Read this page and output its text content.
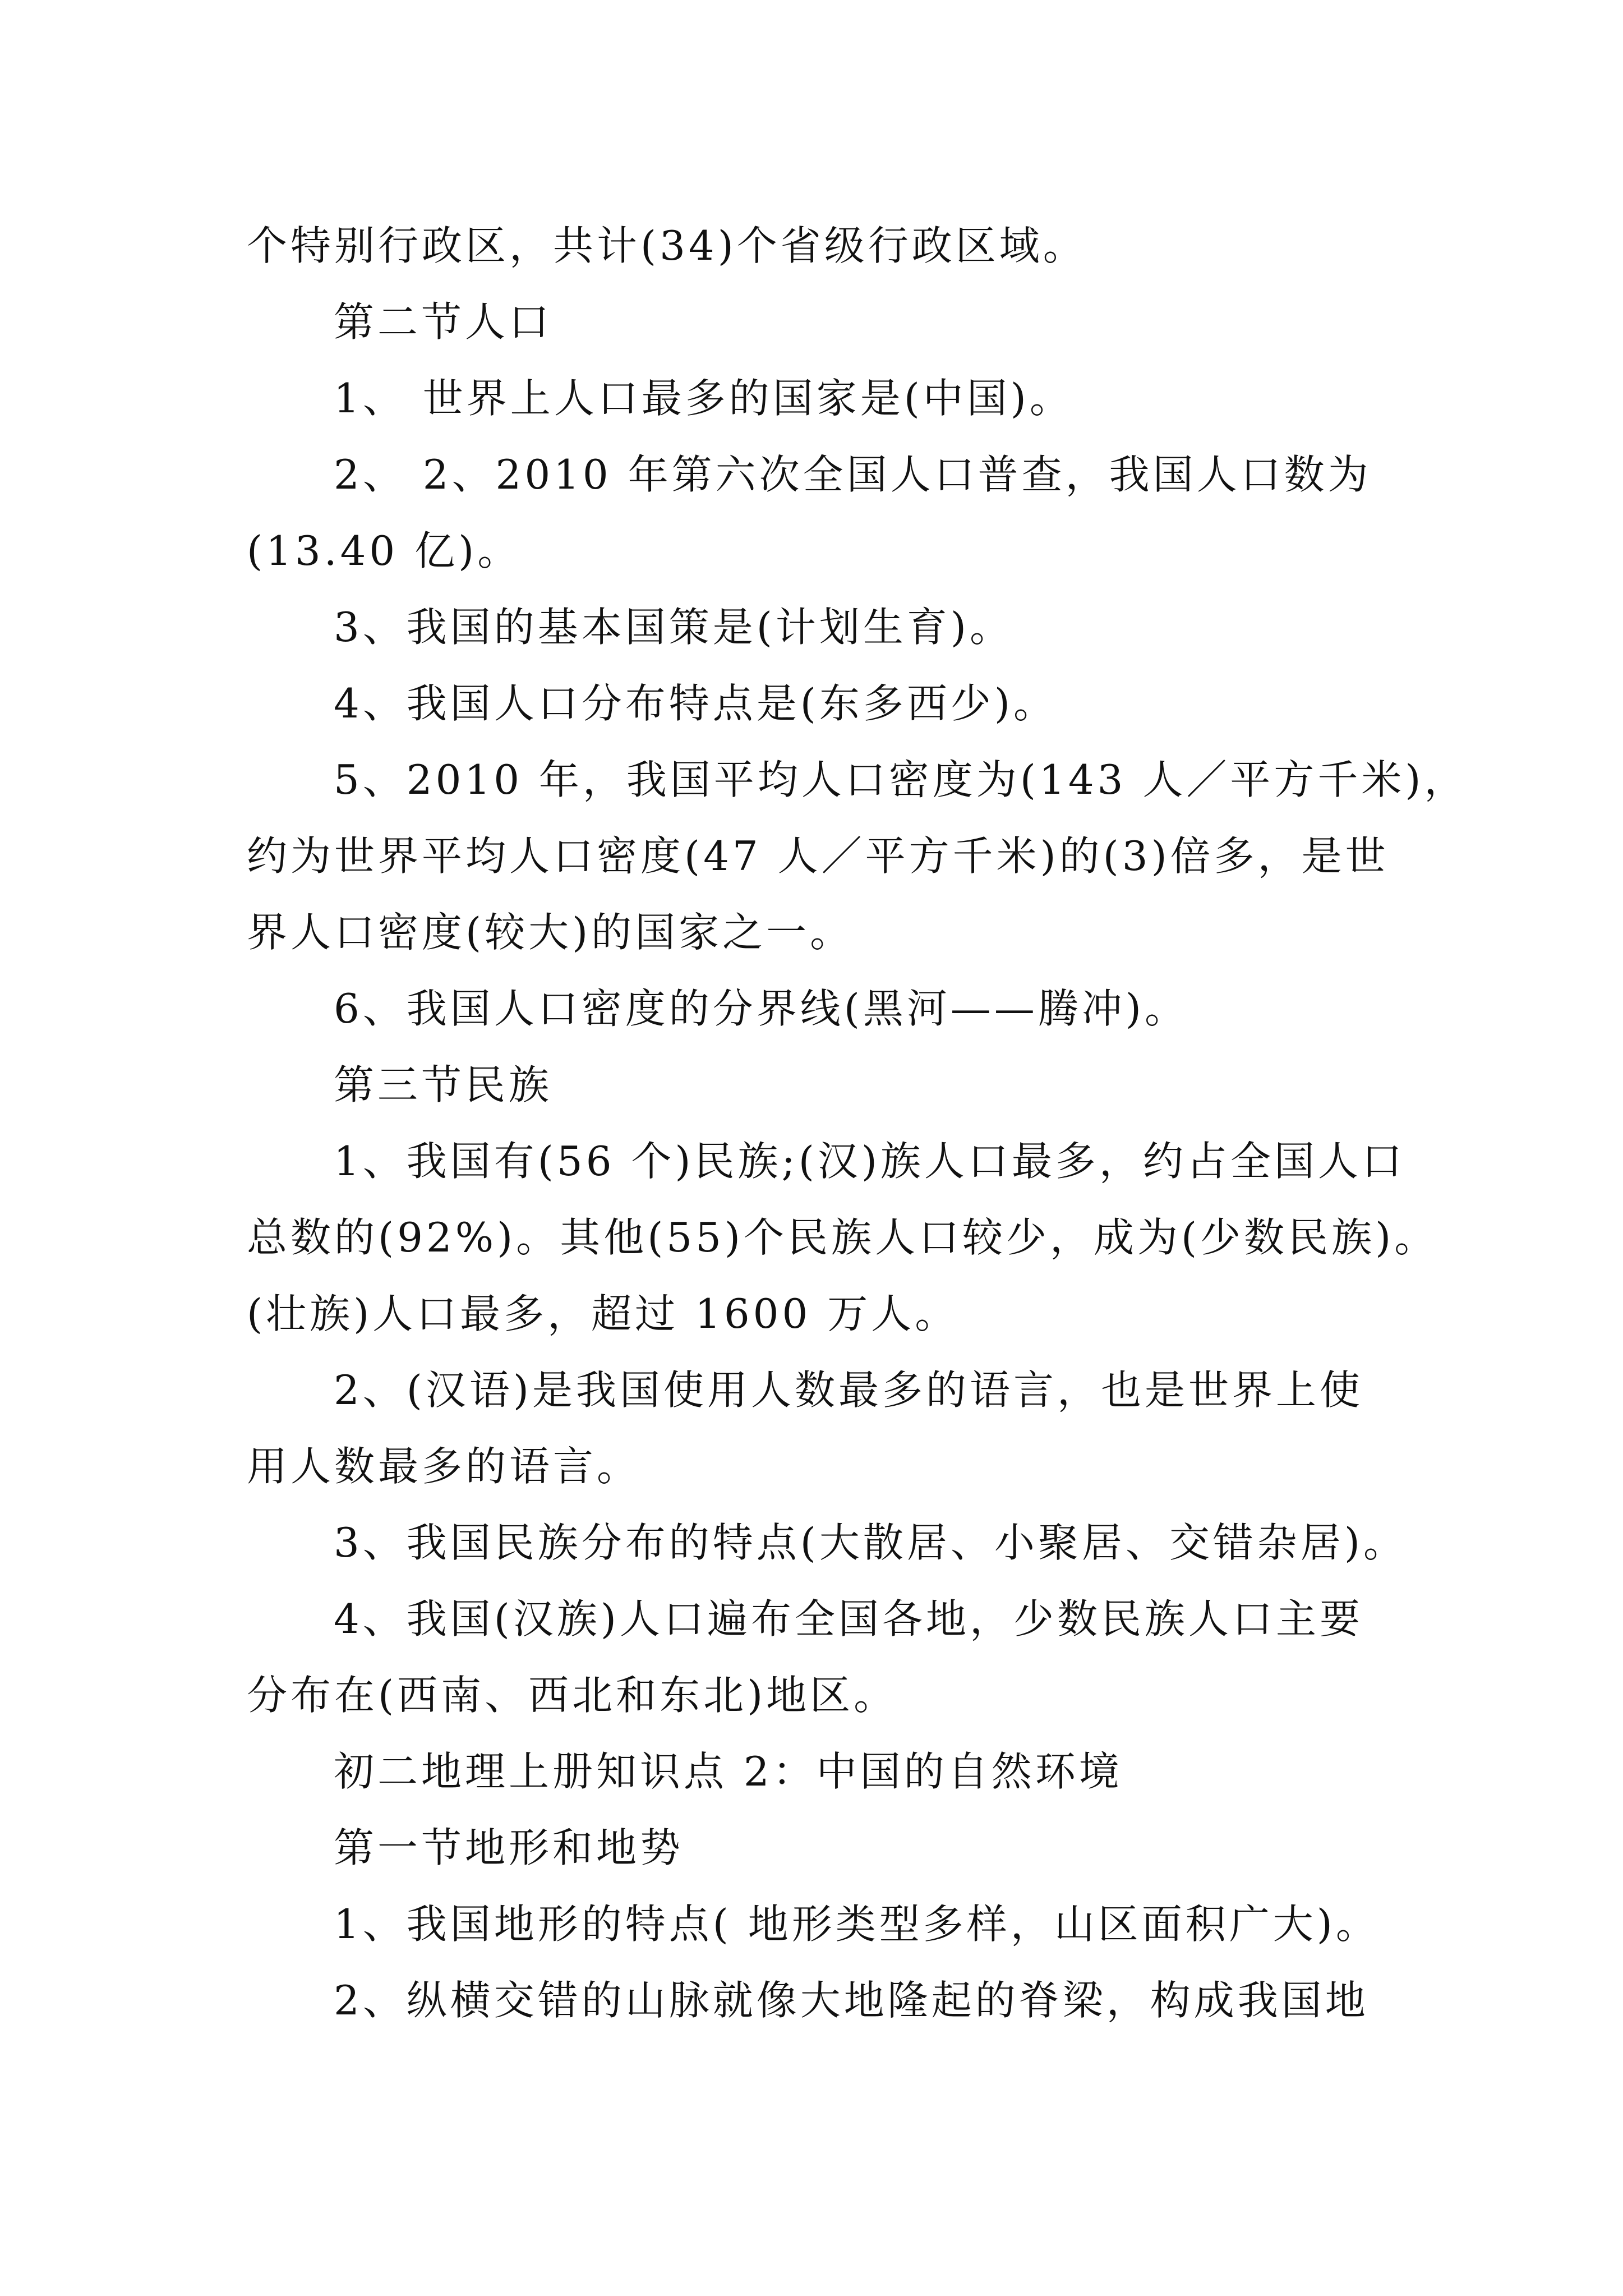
个特别行政区，共计(34)个省级行政区域。
第二节人口
1、 世界上人口最多的国家是(中国)。
2、 2、2010 年第六次全国人口普查，我国人口数为
(13.40 亿)。
3、我国的基本国策是(计划生育)。
4、我国人口分布特点是(东多西少)。
5、2010 年，我国平均人口密度为(143 人／平方千米)，
约为世界平均人口密度(47 人／平方千米)的(3)倍多，是世
界人口密度(较大)的国家之一。
6、我国人口密度的分界线(黑河——腾冲)。
第三节民族
1、我国有(56 个)民族;(汉)族人口最多，约占全国人口
总数的(92%)。其他(55)个民族人口较少，成为(少数民族)。
(壮族)人口最多，超过 1600 万人。
2、(汉语)是我国使用人数最多的语言，也是世界上使
用人数最多的语言。
3、我国民族分布的特点(大散居、小聚居、交错杂居)。
4、我国(汉族)人口遍布全国各地，少数民族人口主要
分布在(西南、西北和东北)地区。
初二地理上册知识点 2：中国的自然环境
第一节地形和地势
1、我国地形的特点( 地形类型多样，山区面积广大)。
2、纵横交错的山脉就像大地隆起的脊梁，构成我国地
